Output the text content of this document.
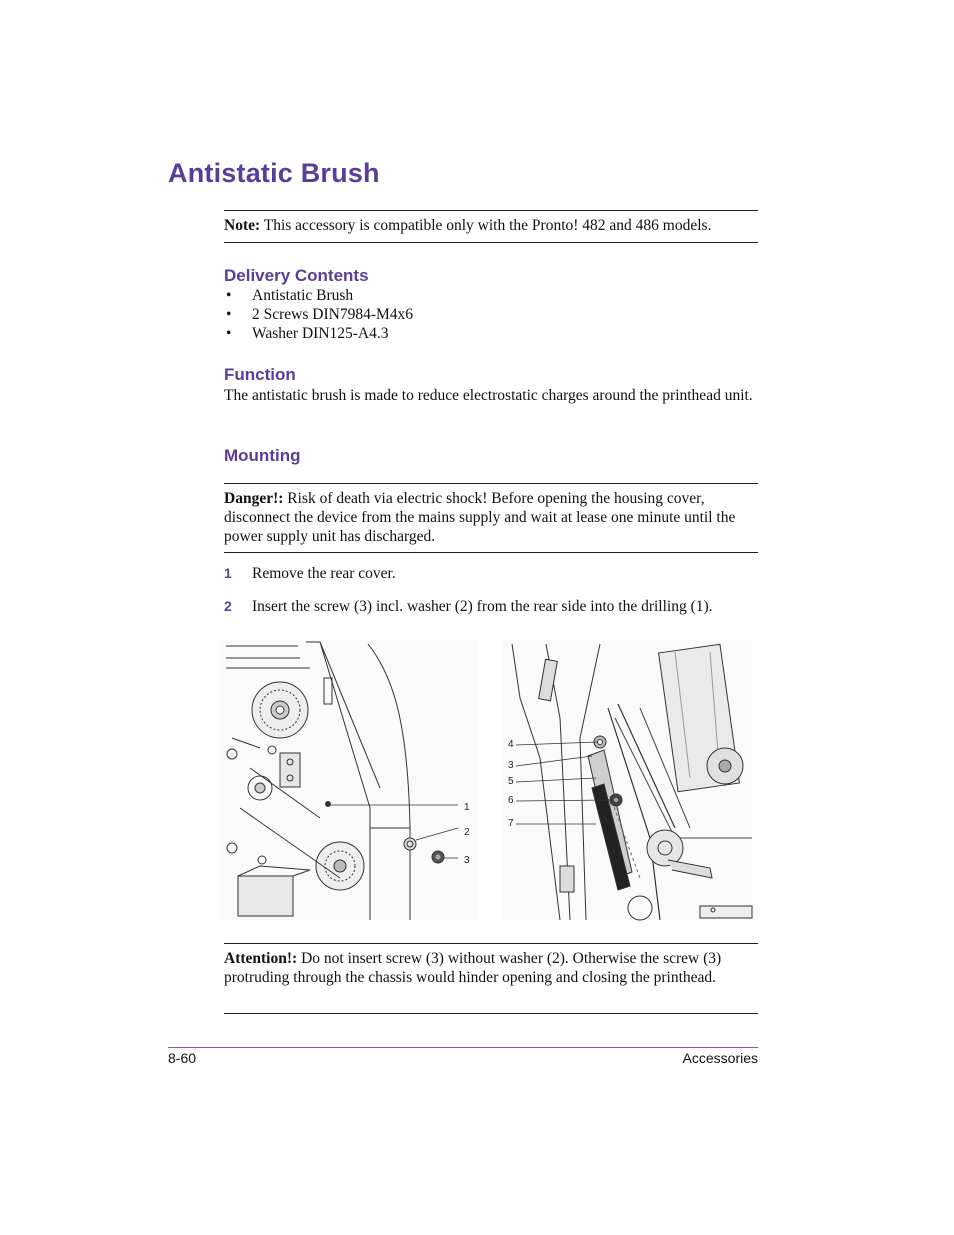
Antistatic Brush

Note: This accessory is compatible only with the Pronto! 482 and 486 models.

Delivery Contents
• Antistatic Brush
• 2 Screws DIN7984-M4x6
• Washer DIN125-A4.3
Function

The antistatic brush is made to reduce electrostatic charges around the printhead unit.

Mounting

Danger!: Risk of death via electric shock! Before opening the housing cover, disconnect the device from the mains supply and wait at lease one minute until the power supply unit has discharged.

1 Remove the rear cover.
2 Insert the screw (3) incl. washer (2) from the rear side into the drilling (1).
1
2
3
4
3
5
6
7

Attention!: Do not insert screw (3) without washer (2). Otherwise the screw (3) protruding through the chassis would hinder opening and closing the printhead.

8-60	Accessories
